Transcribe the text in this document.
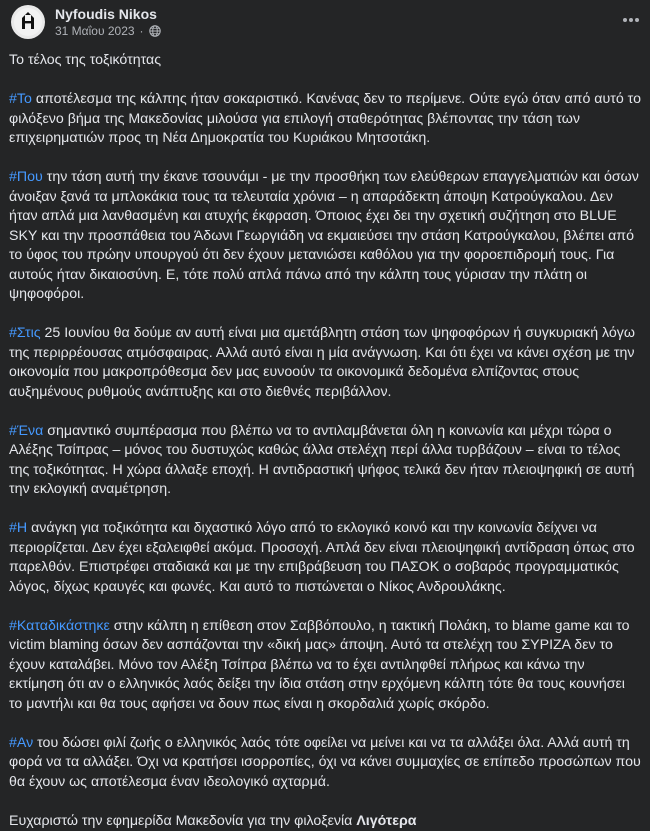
Nyfoudis Nikos
31 Μαΐου 2023 ·

Το τέλος της τοξικότητας

#Το αποτέλεσμα της κάλπης ήταν σοκαριστικό. Κανένας δεν το περίμενε. Ούτε εγώ όταν από αυτό το φιλόξενο βήμα της Μακεδονίας μιλούσα για επιλογή σταθερότητας βλέποντας την τάση των επιχειρηματιών προς τη Νέα Δημοκρατία του Κυριάκου Μητσοτάκη.

#Που την τάση αυτή την έκανε τσουνάμι - με την προσθήκη των ελεύθερων επαγγελματιών και όσων άνοιξαν ξανά τα μπλοκάκια τους τα τελευταία χρόνια – η απαράδεκτη άποψη Κατρούγκαλου. Δεν ήταν απλά μια λανθασμένη και ατυχής έκφραση. Όποιος έχει δει την σχετική συζήτηση στο BLUE SKY και την προσπάθεια του Άδωνι Γεωργιάδη να εκμαιεύσει την στάση Κατρούγκαλου, βλέπει από το ύφος του πρώην υπουργού ότι δεν έχουν μετανιώσει καθόλου για την φοροεπιδρομή τους. Για αυτούς ήταν δικαιοσύνη. Ε, τότε πολύ απλά πάνω από την κάλπη τους γύρισαν την πλάτη οι ψηφοφόροι.

#Στις 25 Ιουνίου θα δούμε αν αυτή είναι μια αμετάβλητη στάση των ψηφοφόρων ή συγκυριακή λόγω της περιρρέουσας ατμόσφαιρας. Αλλά αυτό είναι η μία ανάγνωση. Και ότι έχει να κάνει σχέση με την οικονομία που μακροπρόθεσμα δεν μας ευνοούν τα οικονομικά δεδομένα ελπίζοντας στους αυξημένους ρυθμούς ανάπτυξης και στο διεθνές περιβάλλον.

#Ένα σημαντικό συμπέρασμα που βλέπω να το αντιλαμβάνεται όλη η κοινωνία και μέχρι τώρα ο Αλέξης Τσίπρας – μόνος του δυστυχώς καθώς άλλα στελέχη περί άλλα τυρβάζουν – είναι το τέλος της τοξικότητας. Η χώρα άλλαξε εποχή. Η αντιδραστική ψήφος τελικά δεν ήταν πλειοψηφική σε αυτή την εκλογική αναμέτρηση.

#Η ανάγκη για τοξικότητα και διχαστικό λόγο από το εκλογικό κοινό και την κοινωνία δείχνει να περιορίζεται. Δεν έχει εξαλειφθεί ακόμα. Προσοχή. Απλά δεν είναι πλειοψηφική αντίδραση όπως στο παρελθόν. Επιστρέφει σταδιακά και με την επιβράβευση του ΠΑΣΟΚ ο σοβαρός προγραμματικός λόγος, δίχως κραυγές και φωνές. Και αυτό το πιστώνεται ο Νίκος Ανδρουλάκης.

#Καταδικάστηκε στην κάλπη η επίθεση στον Σαββόπουλο, η τακτική Πολάκη, το blame game και το victim blaming όσων δεν ασπάζονται την «δική μας» άποψη. Αυτό τα στελέχη του ΣΥΡΙΖΑ δεν το έχουν καταλάβει. Μόνο τον Αλέξη Τσίπρα βλέπω να το έχει αντιληφθεί πλήρως και κάνω την εκτίμηση ότι αν ο ελληνικός λαός δείξει την ίδια στάση στην ερχόμενη κάλπη τότε θα τους κουνήσει το μαντήλι και θα τους αφήσει να δουν πως είναι η σκορδαλιά χωρίς σκόρδο.

#Αν του δώσει φιλί ζωής ο ελληνικός λαός τότε οφείλει να μείνει και να τα αλλάξει όλα. Αλλά αυτή τη φορά να τα αλλάξει. Όχι να κρατήσει ισορροπίες, όχι να κάνει συμμαχίες σε επίπεδο προσώπων που θα έχουν ως αποτέλεσμα έναν ιδεολογικό αχταρμά.

Ευχαριστώ την εφημερίδα Μακεδονία για την φιλοξενία Λιγότερα
